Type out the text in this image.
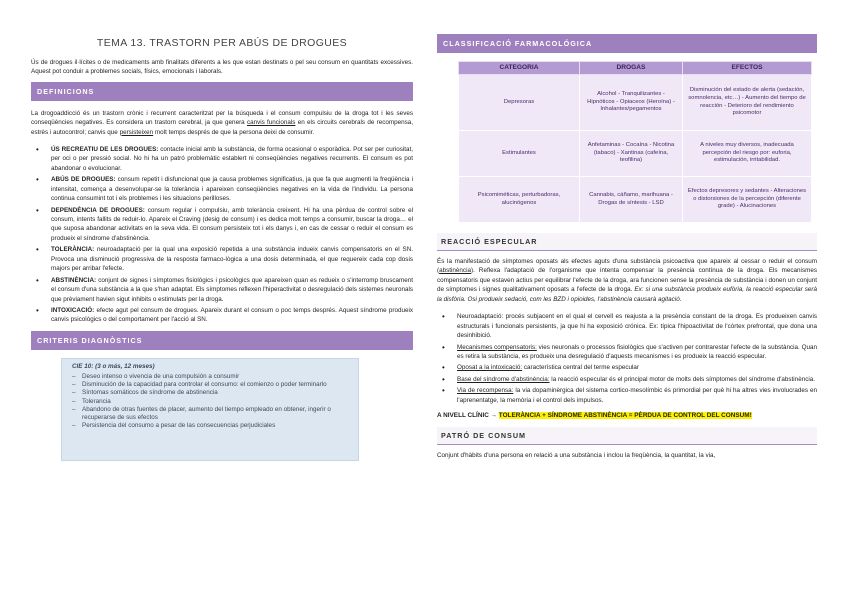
TEMA 13. TRASTORN PER ABÚS DE DROGUES

Ús de drogues il·lícites o de medicaments amb finalitats diferents a les que estan destinats o pel seu consum en quantitats excessives. Aquest pot conduir a problemes socials, físics, emocionals i laborals.

DEFINICIONS

La drogoaddicció és un trastorn crònic i recurrent caracteritzat per la búsqueda i el consum compulsiu de la droga tot i les seves conseqüències negatives. Es considera un trastorn cerebral, ja que genera canvis funcionals en els circuits cerebrals de recompensa, estrès i autocontrol; canvis que persisteixen molt temps després de que la persona deixi de consumir.

• ÚS RECREATIU DE LES DROGUES: contacte inicial amb la substància, de forma ocasional o esporàdica. Pot ser per curiositat, per oci o per pressió social. No hi ha un patró problemàtic establert ni conseqüències negatives recurrents. El consum es pot abandonar o evolucionar.
• ABÚS DE DROGUES: consum repetit i disfuncional que ja causa problemes significatius, ja que fa que augmenti la freqüència i intensitat, comença a desenvolupar-se la tolerància i apareixen conseqüències negatives en la vida de l'individu. La persona continua consumint tot i els problemes i les situacions perilloses.
• DEPENDÈNCIA DE DROGUES: consum regular i compulsiu, amb tolerància creixent. Hi ha una pèrdua de control sobre el consum, intents fallits de reduir-lo. Apareix el Craving (desig de consum) i es dedica molt temps a consumir, buscar la droga… el que suposa abandonar activitats en la seva vida. El consum persisteix tot i els danys i, en cas de cessar o reduir el consum es produeix el síndrome d'abstinència.
• TOLERÀNCIA: neuroadaptació per la qual una exposició repetida a una substància indueix canvis compensatoris en el SN. Provoca una disminució progressiva de la resposta farmaco-lògica a una dosis determinada, el que requereix cada cop dosis majors per arribar l'efecte.
• ABSTINÈNCIA: conjunt de signes i símptomes fisiològics i psicològics que apareixen quan es redueix o s'interromp bruscament el consum d'una substància a la que s'han adaptat. Els símptomes reflexen l'hiperactivitat o desregulació dels sistemes neuronals que prèviament havien sigut inhibits o estimulats per la droga.
• INTOXICACIÓ: efecte agut pel consum de drogues. Apareix durant el consum o poc temps després. Aquest síndrome produeix canvis psicològics o del comportament per l'acció al SN.
CRITERIS DIAGNÒSTICS
CIE 10: (3 o más, 12 meses)
– Deseo intenso o vivencia de una compulsión a consumir
– Disminución de la capacidad para controlar el consumo: el comienzo o poder terminarlo
– Síntomas somáticos de síndrome de abstinencia
– Tolerancia
– Abandono de otras fuentes de placer, aumento del tiempo empleado en obtener, ingerir o recuperarse de sus efectos
– Persistencia del consumo a pesar de las consecuencias perjudiciales
CLASSIFICACIÓ FARMACOLÓGICA
CATEGORIA	DROGAS	EFECTOS
Depresoras	Alcohol - Tranquilizantes - Hipnóticos - Opiaceos (Heroína) - Inhalantes/pegamentos	Disminución del estado de alerta (sedación, somnolencia, etc…) - Aumento del tiempo de reacción - Deterioro del rendimiento psicomotor
Estimulantes	Anfetaminas - Cocaína - Nicotina (tabaco) - Xantinas (cafeína, teofilina)	A niveles muy diversos, inadecuada percepción del riesgo por: euforia, estimulación, irritabilidad.
Psicomiméticas, perturbadoras, alucinógenos	Cannabis, cáñamo, marihuana - Drogas de síntesis - LSD	Efectos depresores y sedantes - Alteraciones o distorsiones de la percepción (diferente grade) - Alucinaciones
REACCIÓ ESPECULAR

És la manifestació de símptomes oposats als efectes aguts d'una substància psicoactiva que apareix al cessar o reduir el consum (abstinència). Reflexa l'adaptació de l'organisme que intenta compensar la presència contínua de la droga. Els mecanismes compensatoris que estaven actius per equilibrar l'efecte de la droga, ara funcionen sense la presència de substància i donen un conjunt de símptomes i signes qualitativament oposats a l'efecte de la droga. Ex: si una substància produeix eufòria, la reacció especular serà la disfòria. Osi produeix sedació, com les BZD i opioides, l'abstinència causarà agitació.

• Neuroadaptació: procés subjacent en el qual el cervell es reajusta a la presència constant de la droga. Es produeixen canvis estructurals i funcionals persistents, ja que hi ha exposició crónica. Ex: típica l'hipoactivitat de l'còrtex prefrontal, que dona una desinhibició.
• Mecanismes compensatoris: vies neuronals o processos fisiològics que s'activen per contrarestar l'efecte de la substància. Quan es retira la substància, es produeix una desregulació d'aquests mecanismes i es produeix la reacció especular.
• Oposat a la intoxicació: característica central del terme especular
• Base del síndrome d'abstinència: la reacció especular és el principal motor de molts dels símptomes del síndrome d'abstinència.
• Via de recompensa: la via dopaminèrgica del sistema cortico-mesolímbic és primordial per què hi ha altres vies involucrades en l'aprenentatge, la memòria i el control dels impulsos.

A NIVELL CLÍNIC → TOLERÀNCIA + SÍNDROME ABSTINÈNCIA = PÈRDUA DE CONTROL DEL CONSUM!

PATRÓ DE CONSUM

Conjunt d'hàbits d'una persona en relació a una substància i inclou la freqüència, la quantitat, la via,
